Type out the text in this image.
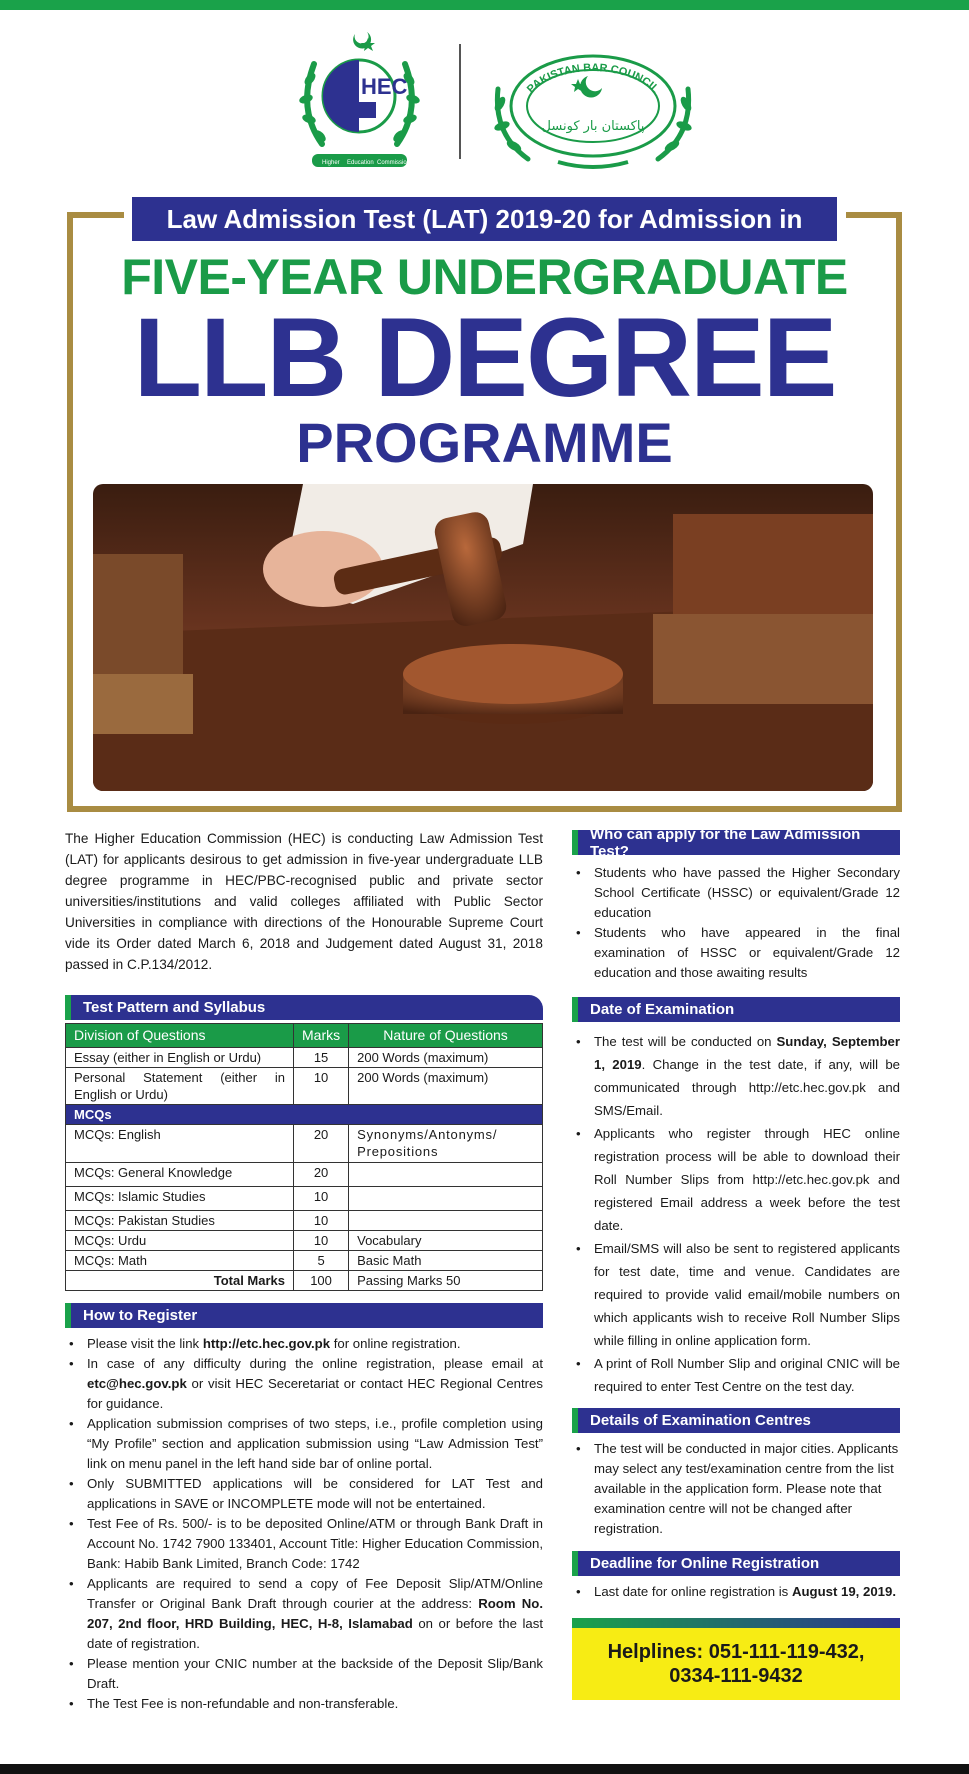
HEC
Higher Education Commission
PAKISTAN BAR COUNCIL
پاکستان بار کونسل
Law Admission Test (LAT) 2019-20 for Admission in
FIVE-YEAR UNDERGRADUATE
LLB DEGREE
PROGRAMME

The Higher Education Commission (HEC) is conducting Law Admission Test (LAT) for applicants desirous to get admission in five-year undergraduate LLB degree programme in HEC/PBC-recognised public and private sector universities/institutions and valid colleges affiliated with Public Sector Universities in compliance with directions of the Honourable Supreme Court vide its Order dated March 6, 2018 and Judgement dated August 31, 2018 passed in C.P.134/2012.

Test Pattern and Syllabus
Division of Questions	Marks	Nature of Questions
Essay (either in English or Urdu)	15	200 Words (maximum)
Personal Statement (either in English or Urdu)	10	200 Words (maximum)
MCQs		
MCQs: English	20	Synonyms/Antonyms/ Prepositions
MCQs: General Knowledge	20	
MCQs: Islamic Studies	10	
MCQs: Pakistan Studies	10	
MCQs: Urdu	10	Vocabulary
MCQs: Math	5	Basic Math
Total Marks	100	Passing Marks 50
How to Register
• Please visit the link http://etc.hec.gov.pk for online registration.
• In case of any difficulty during the online registration, please email at etc@hec.gov.pk or visit HEC Seceretariat or contact HEC Regional Centres for guidance.
• Application submission comprises of two steps, i.e., profile completion using “My Profile” section and application submission using “Law Admission Test” link on menu panel in the left hand side bar of online portal.
• Only SUBMITTED applications will be considered for LAT Test and applications in SAVE or INCOMPLETE mode will not be entertained.
• Test Fee of Rs. 500/- is to be deposited Online/ATM or through Bank Draft in Account No. 1742 7900 133401, Account Title: Higher Education Commission, Bank: Habib Bank Limited, Branch Code: 1742
• Applicants are required to send a copy of Fee Deposit Slip/ATM/Online Transfer or Original Bank Draft through courier at the address: Room No. 207, 2nd floor, HRD Building, HEC, H-8, Islamabad on or before the last date of registration.
• Please mention your CNIC number at the backside of the Deposit Slip/Bank Draft.
• The Test Fee is non-refundable and non-transferable.
Who can apply for the Law Admission Test?
• Students who have passed the Higher Secondary School Certificate (HSSC) or equivalent/Grade 12 education
• Students who have appeared in the final examination of HSSC or equivalent/Grade 12 education and those awaiting results
Date of Examination
• The test will be conducted on Sunday, September 1, 2019. Change in the test date, if any, will be communicated through http://etc.hec.gov.pk and SMS/Email.
• Applicants who register through HEC online registration process will be able to download their Roll Number Slips from http://etc.hec.gov.pk and registered Email address a week before the test date.
• Email/SMS will also be sent to registered applicants for test date, time and venue. Candidates are required to provide valid email/mobile numbers on which applicants wish to receive Roll Number Slips while filling in online application form.
• A print of Roll Number Slip and original CNIC will be required to enter Test Centre on the test day.
Details of Examination Centres
• The test will be conducted in major cities. Applicants may select any test/examination centre from the list available in the application form. Please note that examination centre will not be changed after registration.
Deadline for Online Registration
• Last date for online registration is August 19, 2019.
Helplines: 051-111-119-432,
0334-111-9432
